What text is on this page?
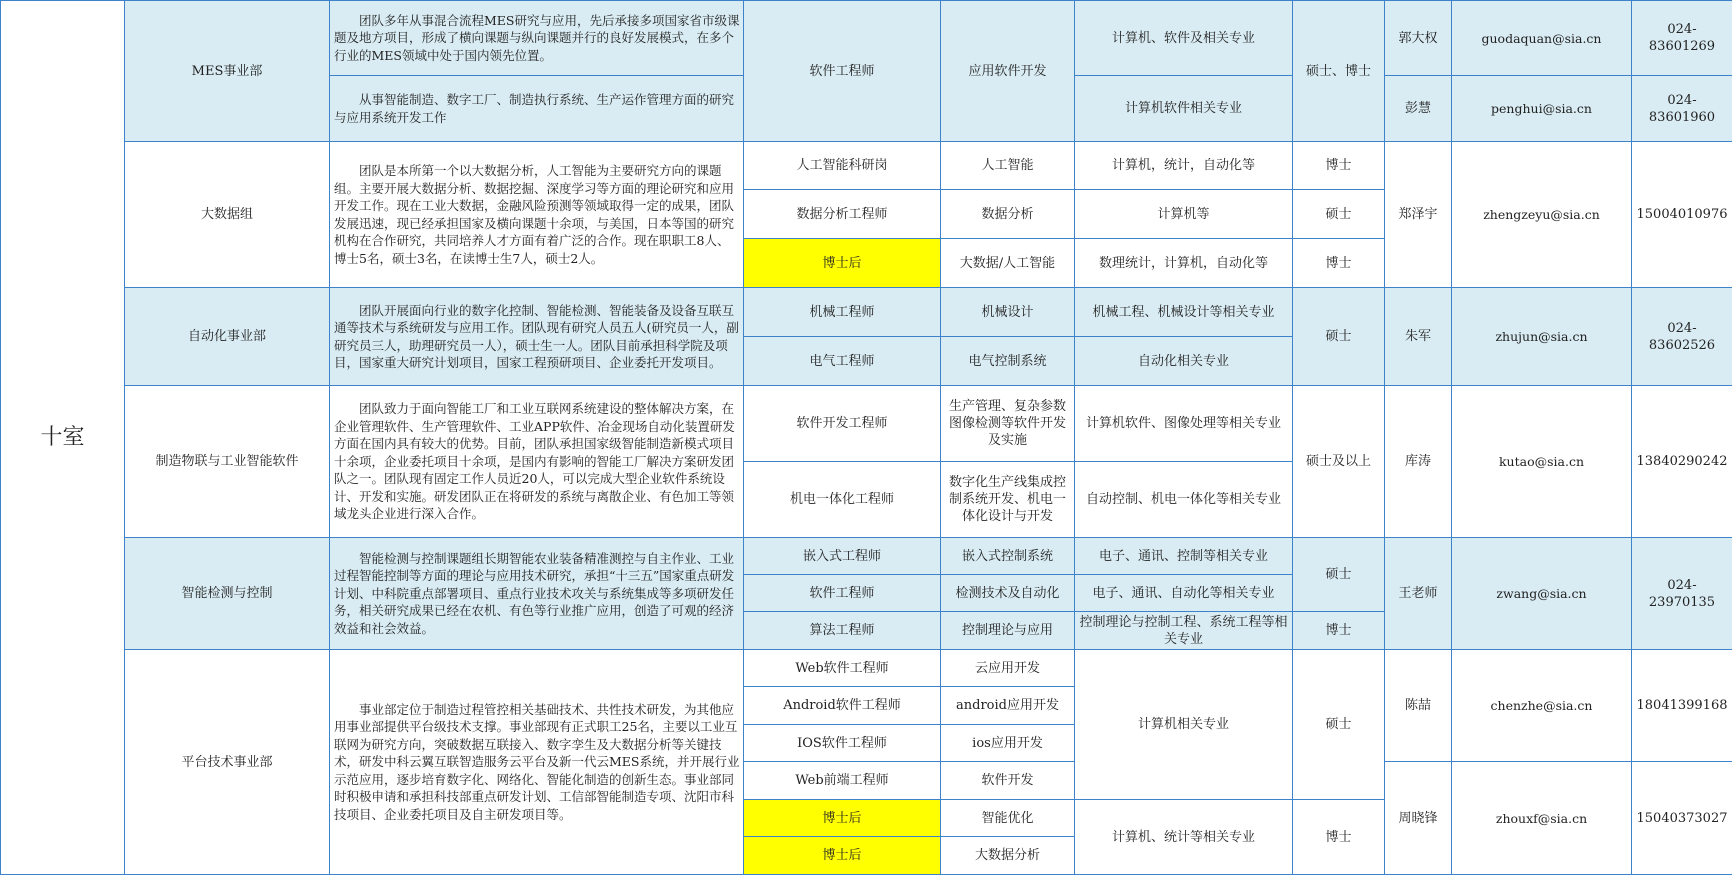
十室	MES事业部	　　团队多年从事混合流程MES研究与应用，先后承接多项国家省市级课题及地方项目，形成了横向课题与纵向课题并行的良好发展模式，在多个行业的MES领域中处于国内领先位置。	软件工程师	应用软件开发	计算机、软件及相关专业	硕士、博士	郭大权	guodaquan@sia.cn	024-83601269
		　　从事智能制造、数字工厂、制造执行系统、生产运作管理方面的研究与应用系统开发工作			计算机软件相关专业		彭慧	penghui@sia.cn	024-83601960
	大数据组	　　团队是本所第一个以大数据分析，人工智能为主要研究方向的课题组。主要开展大数据分析、数据挖掘、深度学习等方面的理论研究和应用开发工作。现在工业大数据，金融风险预测等领域取得一定的成果，团队发展迅速，现已经承担国家及横向课题十余项，与美国，日本等国的研究机构在合作研究，共同培养人才方面有着广泛的合作。现在职职工8人、博士5名，硕士3名，在读博士生7人，硕士2人。	人工智能科研岗	人工智能	计算机，统计，自动化等	博士	郑泽宇	zhengzeyu@sia.cn	15004010976
			数据分析工程师	数据分析	计算机等	硕士			
			博士后	大数据/人工智能	数理统计，计算机，自动化等	博士			
	自动化事业部	　　团队开展面向行业的数字化控制、智能检测、智能装备及设备互联互通等技术与系统研发与应用工作。团队现有研究人员五人(研究员一人，副研究员三人，助理研究员一人），硕士生一人。团队目前承担科学院及项目，国家重大研究计划项目，国家工程预研项目、企业委托开发项目。	机械工程师	机械设计	机械工程、机械设计等相关专业	硕士	朱军	zhujun@sia.cn	024-83602526
			电气工程师	电气控制系统	自动化相关专业				
	制造物联与工业智能软件	　　团队致力于面向智能工厂和工业互联网系统建设的整体解决方案，在企业管理软件、生产管理软件、工业APP软件、冶金现场自动化装置研发方面在国内具有较大的优势。目前，团队承担国家级智能制造新模式项目十余项，企业委托项目十余项，是国内有影响的智能工厂解决方案研发团队之一。团队现有固定工作人员近20人，可以完成大型企业软件系统设计、开发和实施。研发团队正在将研发的系统与离散企业、有色加工等领域龙头企业进行深入合作。	软件开发工程师	生产管理、复杂参数图像检测等软件开发及实施	计算机软件、图像处理等相关专业	硕士及以上	库涛	kutao@sia.cn	13840290242
			机电一体化工程师	数字化生产线集成控制系统开发、机电一体化设计与开发	自动控制、机电一体化等相关专业				
	智能检测与控制	　　智能检测与控制课题组长期智能农业装备精准测控与自主作业、工业过程智能控制等方面的理论与应用技术研究，承担“十三五”国家重点研发计划、中科院重点部署项目、重点行业技术攻关与系统集成等多项研发任务，相关研究成果已经在农机、有色等行业推广应用，创造了可观的经济效益和社会效益。	嵌入式工程师	嵌入式控制系统	电子、通讯、控制等相关专业	硕士	王老师	zwang@sia.cn	024-23970135
			软件工程师	检测技术及自动化	电子、通讯、自动化等相关专业				
			算法工程师	控制理论与应用	控制理论与控制工程、系统工程等相关专业	博士			
	平台技术事业部	　　事业部定位于制造过程管控相关基础技术、共性技术研发，为其他应用事业部提供平台级技术支撑。事业部现有正式职工25名，主要以工业互联网为研究方向，突破数据互联接入、数字孪生及大数据分析等关键技术，研发中科云翼互联智造服务云平台及新一代云MES系统，并开展行业示范应用，逐步培育数字化、网络化、智能化制造的创新生态。事业部同时积极申请和承担科技部重点研发计划、工信部智能制造专项、沈阳市科技项目、企业委托项目及自主研发项目等。	Web软件工程师	云应用开发	计算机相关专业	硕士	陈喆	chenzhe@sia.cn	18041399168
			Android软件工程师	android应用开发					
			IOS软件工程师	ios应用开发					
			Web前端工程师	软件开发			周晓锋	zhouxf@sia.cn	15040373027
			博士后	智能优化	计算机、统计等相关专业	博士			
			博士后	大数据分析					
